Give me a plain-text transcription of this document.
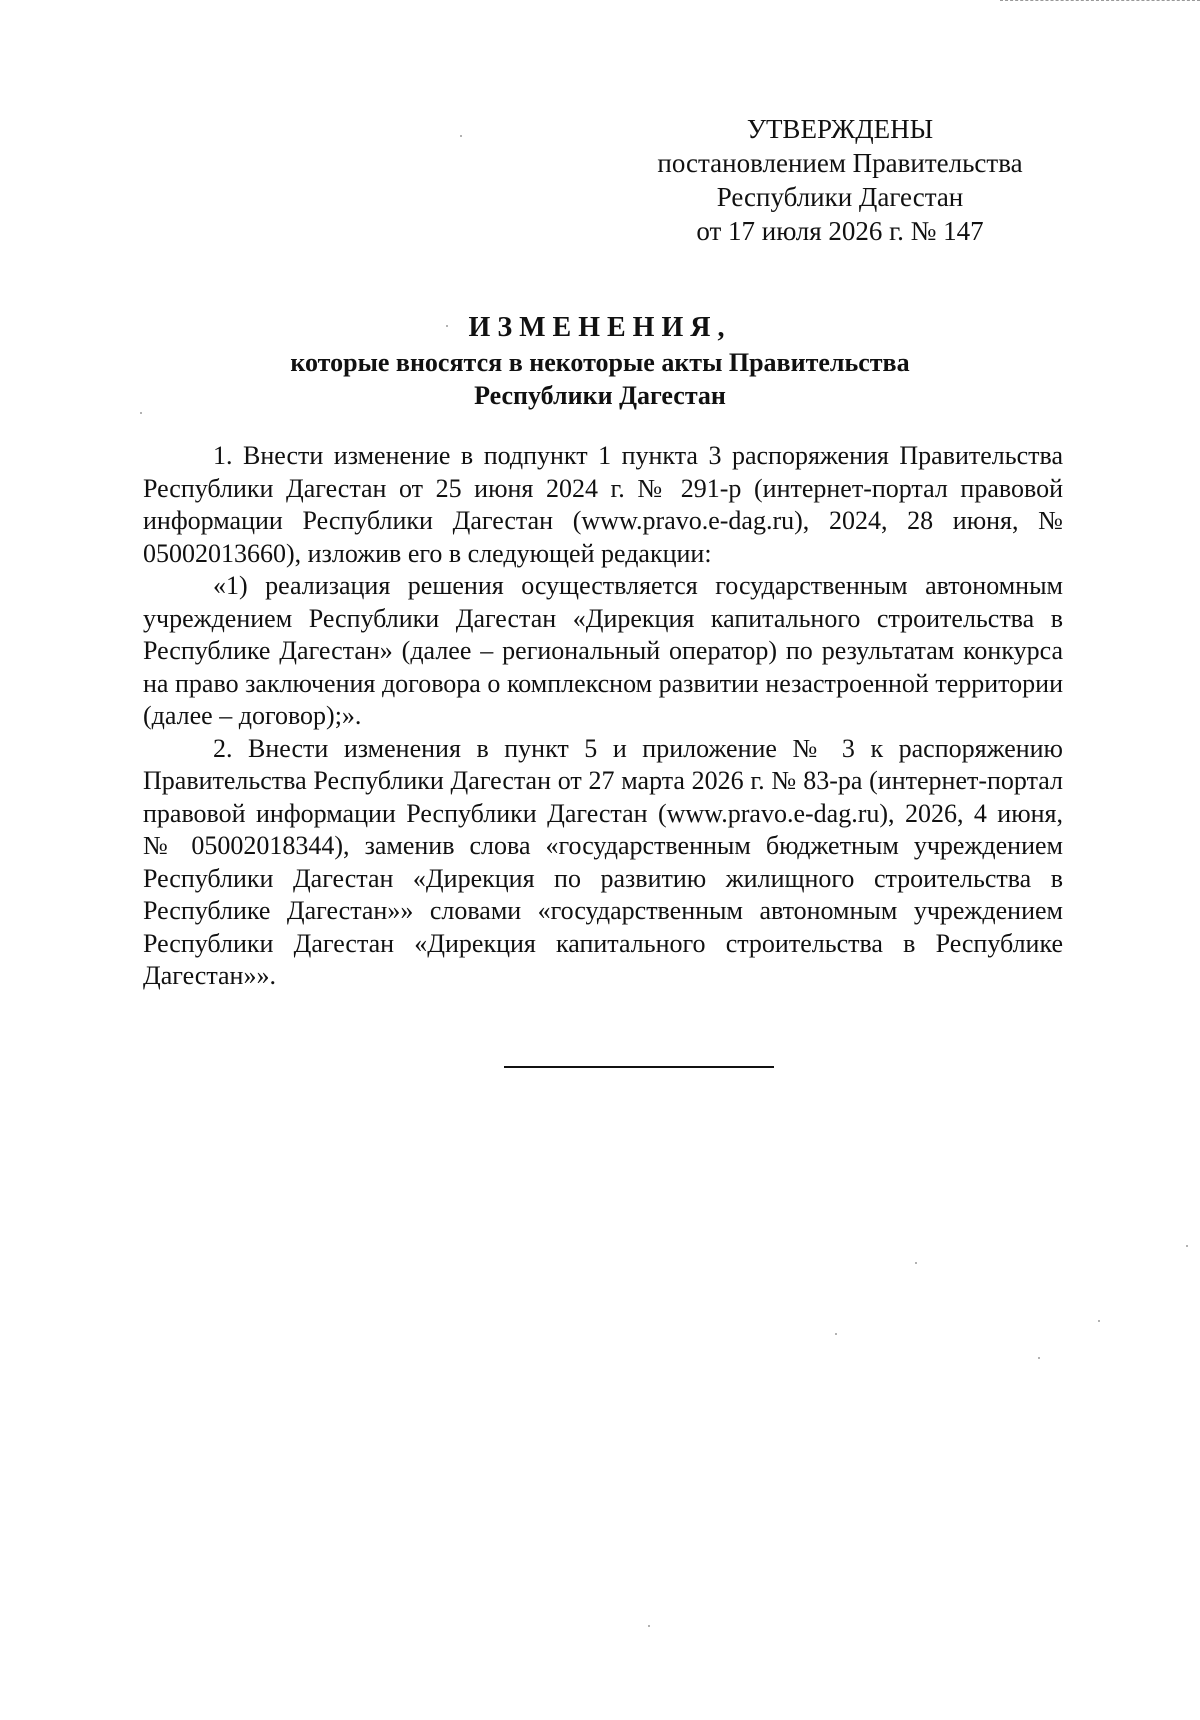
УТВЕРЖДЕНЫ
постановлением Правительства
Республики Дагестан
от 17 июля 2026 г. № 147
ИЗМЕНЕНИЯ,
которые вносятся в некоторые акты Правительства
Республики Дагестан

1. Внести изменение в подпункт 1 пункта 3 распоряжения Правительства Республики Дагестан от 25 июня 2024 г. № 291-р (интернет-портал правовой информации Республики Дагестан (www.pravo.e-dag.ru), 2024, 28 июня, № 05002013660), изложив его в следующей редакции:

«1) реализация решения осуществляется государственным автономным учреждением Республики Дагестан «Дирекция капитального строительства в Республике Дагестан» (далее – региональный оператор) по результатам конкурса на право заключения договора о комплексном развитии незастроенной территории (далее – договор);».

2. Внести изменения в пункт 5 и приложение № 3 к распоряжению Правительства Республики Дагестан от 27 марта 2026 г. № 83-ра (интернет-портал правовой информации Республики Дагестан (www.pravo.e-dag.ru), 2026, 4 июня, № 05002018344), заменив слова «государственным бюджетным учреждением Республики Дагестан «Дирекция по развитию жилищного строительства в Республике Дагестан»» словами «государственным автономным учреждением Республики Дагестан «Дирекция капитального строительства в Республике Дагестан»».
